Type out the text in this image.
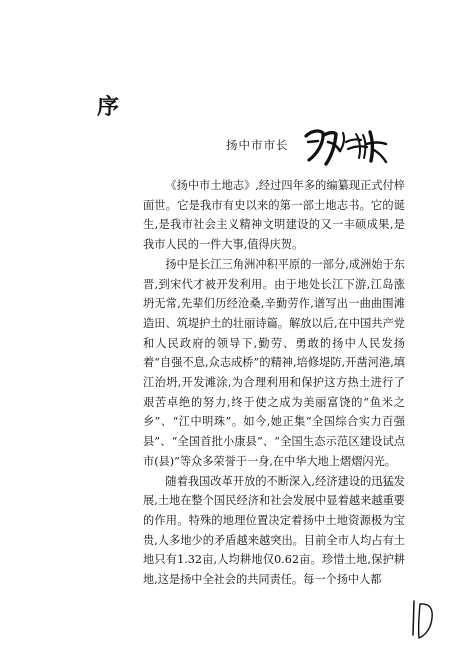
序
扬中市市长

《扬中市土地志》,经过四年多的编纂现正式付梓面世。它是我市有史以来的第一部土地志书。它的诞生,是我市社会主义精神文明建设的又一丰硕成果,是我市人民的一件大事,值得庆贺。

扬中是长江三角洲冲积平原的一部分,成洲始于东晋,到宋代才被开发利用。由于地处长江下游,江岛涨坍无常,先辈们历经沧桑,辛勤劳作,谱写出一曲曲围滩造田、筑堤护土的壮丽诗篇。解放以后,在中国共产党和人民政府的领导下,勤劳、勇敢的扬中人民发扬着“自强不息,众志成桥”的精神,培修堤防,开凿河港,填江治坍,开发滩涂,为合理利用和保护这方热土进行了艰苦卓绝的努力,终于使之成为美丽富饶的“鱼米之乡”、“江中明珠”。如今,她正集“全国综合实力百强县”、“全国首批小康县”、“全国生态示范区建设试点市(县)”等众多荣誉于一身,在中华大地上熠熠闪光。

随着我国改革开放的不断深入,经济建设的迅猛发展,土地在整个国民经济和社会发展中显着越来越重要的作用。特殊的地理位置决定着扬中土地资源极为宝贵,人多地少的矛盾越来越突出。目前全市人均占有土地只有1.32亩,人均耕地仅0.62亩。珍惜土地,保护耕地,这是扬中全社会的共同责任。每一个扬中人都
